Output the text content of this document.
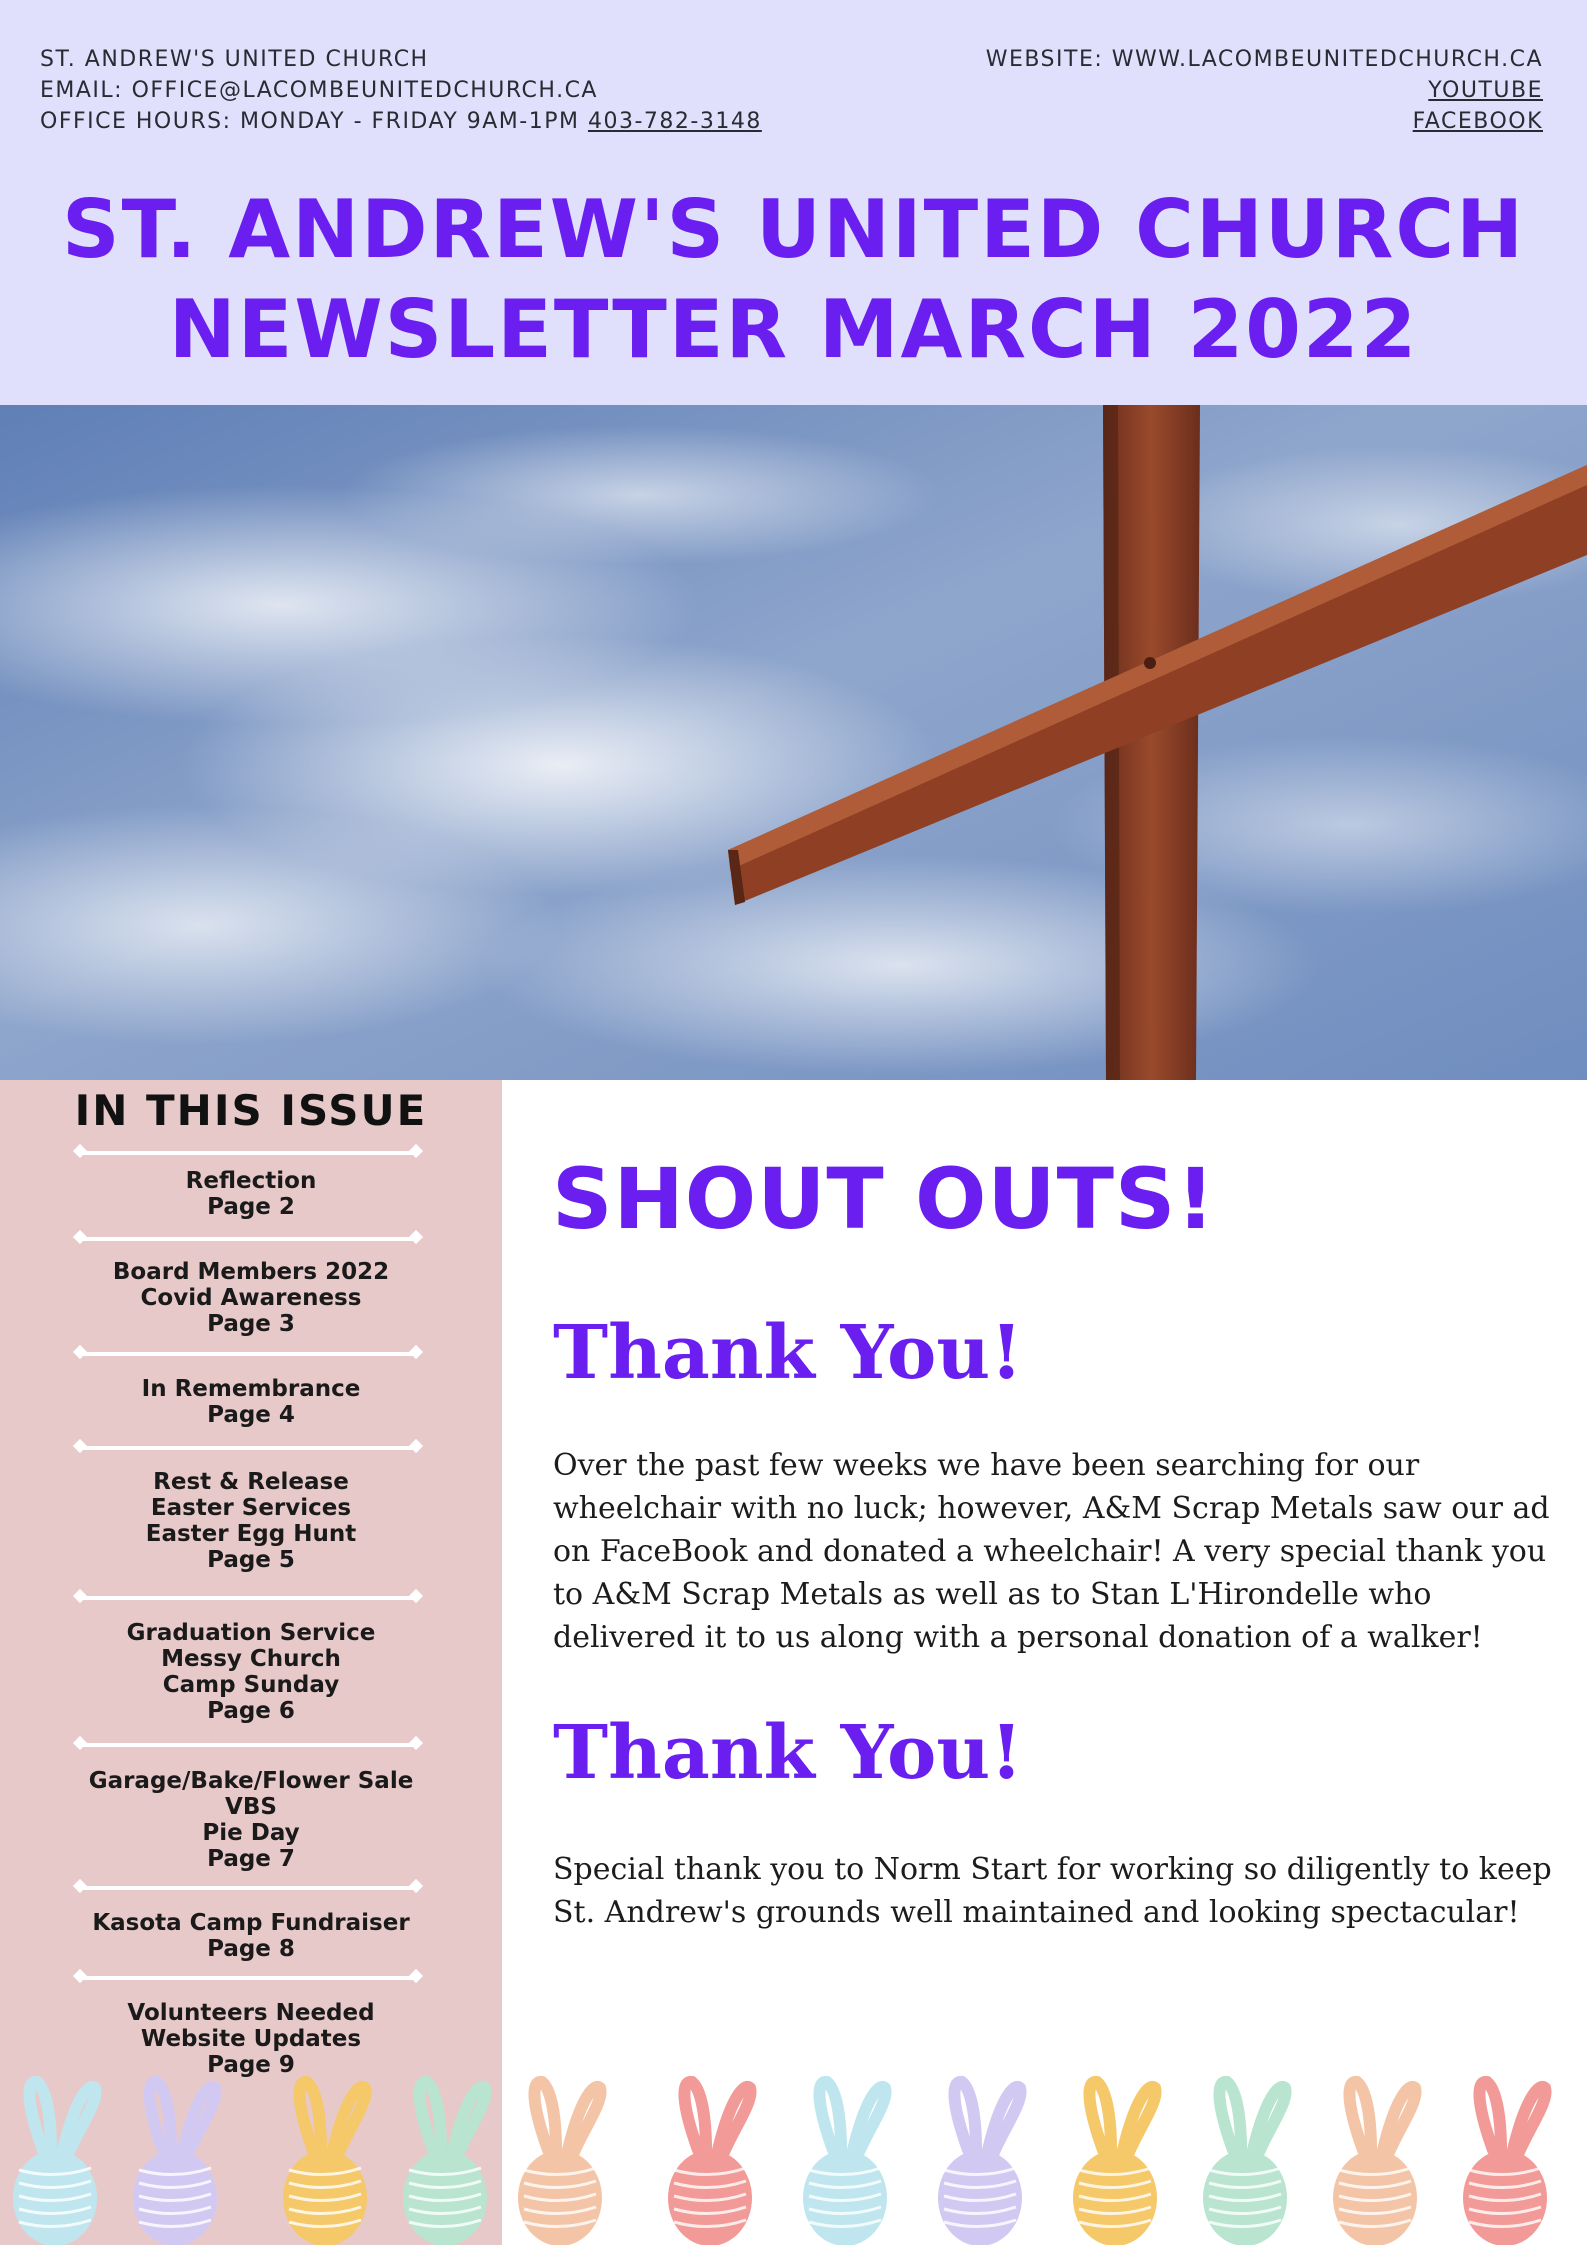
ST. ANDREW'S UNITED CHURCH
EMAIL: OFFICE@LACOMBEUNITEDCHURCH.CA
OFFICE HOURS: MONDAY - FRIDAY 9AM-1PM 403-782-3148
WEBSITE: WWW.LACOMBEUNITEDCHURCH.CA
YOUTUBE
FACEBOOK
ST. ANDREW'S UNITED CHURCH
NEWSLETTER MARCH 2022
IN THIS ISSUE
Reflection
Page 2
Board Members 2022
Covid Awareness
Page 3
In Remembrance
Page 4
Rest & Release
Easter Services
Easter Egg Hunt
Page 5
Graduation Service
Messy Church
Camp Sunday
Page 6
Garage/Bake/Flower Sale
VBS
Pie Day
Page 7
Kasota Camp Fundraiser
Page 8
Volunteers Needed
Website Updates
Page 9
SHOUT OUTS!
Thank You!
Over the past few weeks we have been searching for our wheelchair with no luck; however, A&M Scrap Metals saw our ad on FaceBook and donated a wheelchair! A very special thank you to A&M Scrap Metals as well as to Stan L'Hirondelle who delivered it to us along with a personal donation of a walker!
Thank You!
Special thank you to Norm Start for working so diligently to keep St. Andrew's grounds well maintained and looking spectacular!
